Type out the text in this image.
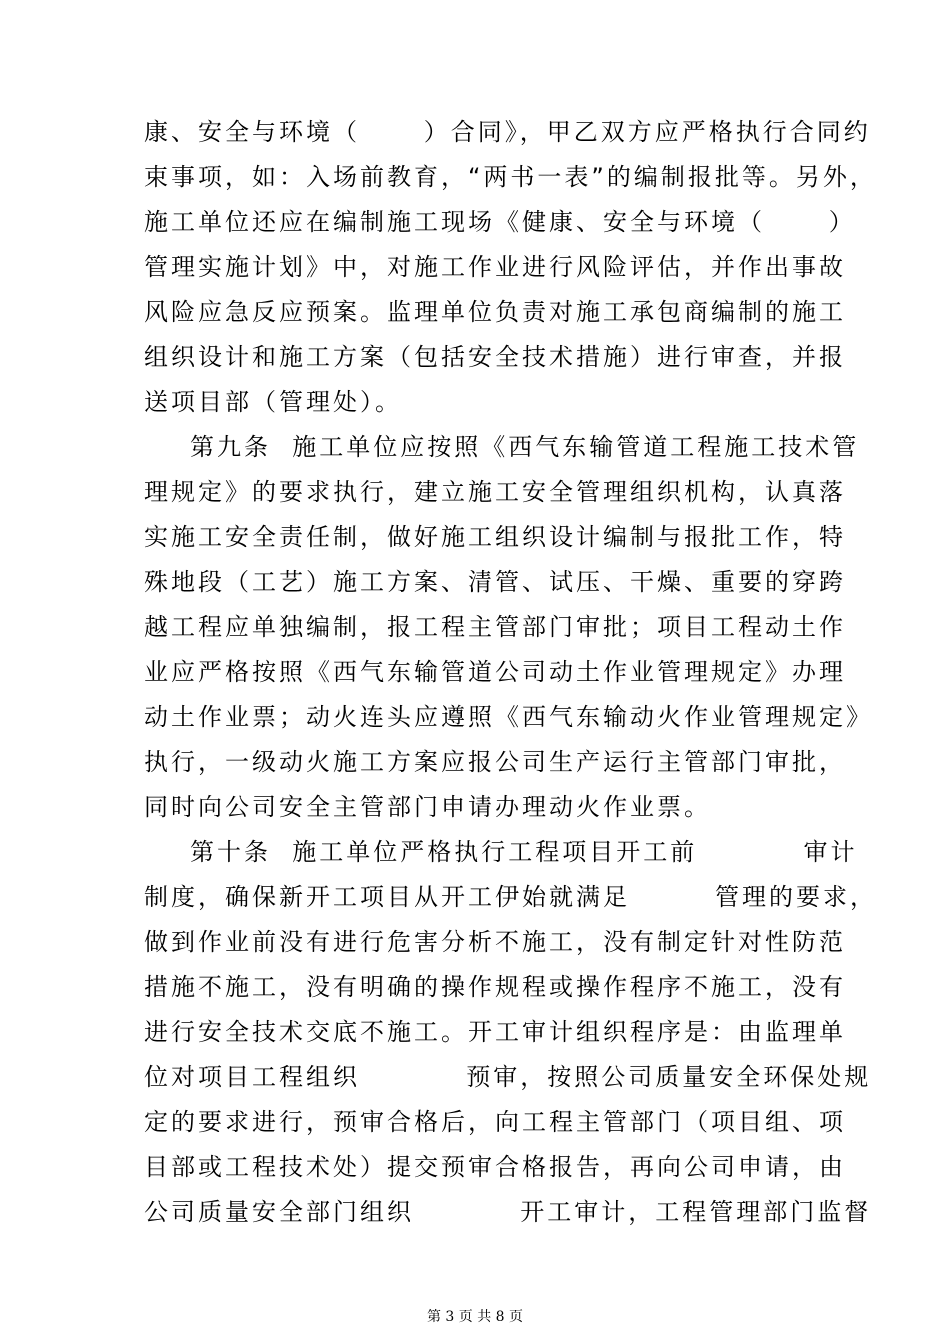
康、安全与环境（      ）合同》，甲乙双方应严格执行合同约
束事项，如：入场前教育，“两书一表”的编制报批等。另外，
施工单位还应在编制施工现场《健康、安全与环境（      ）
管理实施计划》中，对施工作业进行风险评估，并作出事故
风险应急反应预案。监理单位负责对施工承包商编制的施工
组织设计和施工方案（包括安全技术措施）进行审查，并报
送项目部（管理处）。
第九条  施工单位应按照《西气东输管道工程施工技术管
理规定》的要求执行，建立施工安全管理组织机构，认真落
实施工安全责任制，做好施工组织设计编制与报批工作，特
殊地段（工艺）施工方案、清管、试压、干燥、重要的穿跨
越工程应单独编制，报工程主管部门审批；项目工程动土作
业应严格按照《西气东输管道公司动土作业管理规定》办理
动土作业票；动火连头应遵照《西气东输动火作业管理规定》
执行，一级动火施工方案应报公司生产运行主管部门审批，
同时向公司安全主管部门申请办理动火作业票。
第十条  施工单位严格执行工程项目开工前          审计
制度，确保新开工项目从开工伊始就满足        管理的要求，
做到作业前没有进行危害分析不施工，没有制定针对性防范
措施不施工，没有明确的操作规程或操作程序不施工，没有
进行安全技术交底不施工。开工审计组织程序是：由监理单
位对项目工程组织          预审，按照公司质量安全环保处规
定的要求进行，预审合格后，向工程主管部门（项目组、项
目部或工程技术处）提交预审合格报告，再向公司申请，由
公司质量安全部门组织          开工审计，工程管理部门监督
第 3 页 共 8 页
